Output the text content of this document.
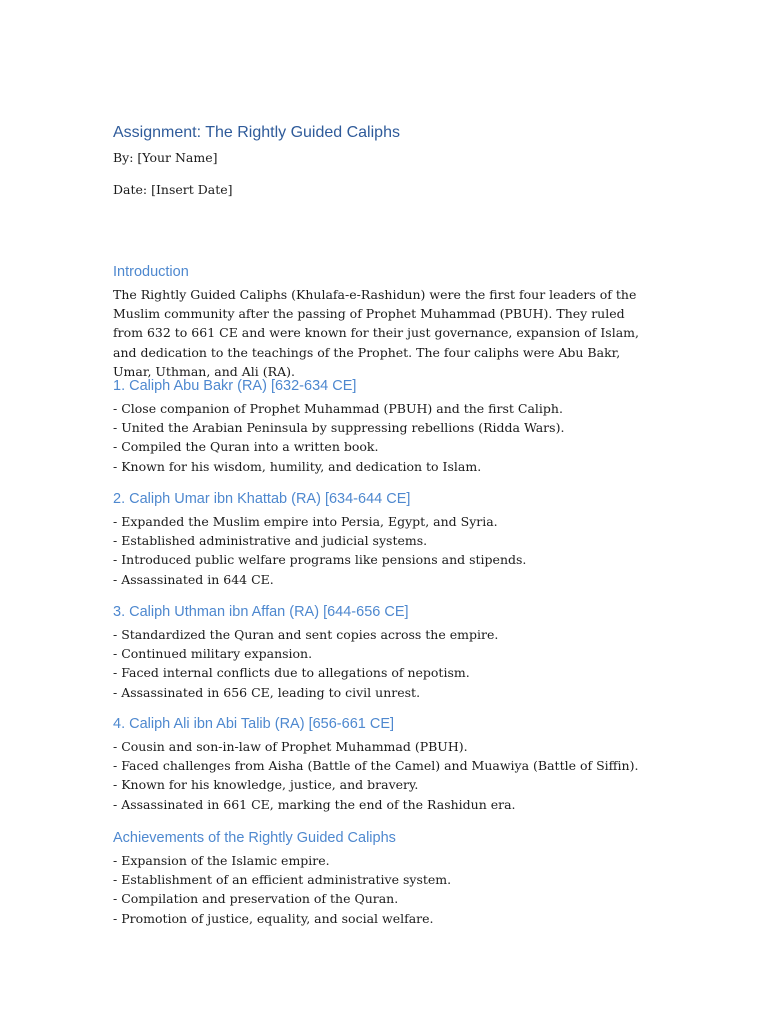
Assignment: The Rightly Guided Caliphs

By: [Your Name]

Date: [Insert Date]

Introduction

The Rightly Guided Caliphs (Khulafa-e-Rashidun) were the first four leaders of the Muslim community after the passing of Prophet Muhammad (PBUH). They ruled from 632 to 661 CE and were known for their just governance, expansion of Islam, and dedication to the teachings of the Prophet. The four caliphs were Abu Bakr, Umar, Uthman, and Ali (RA).

1. Caliph Abu Bakr (RA) [632-634 CE]
- Close companion of Prophet Muhammad (PBUH) and the first Caliph.
- United the Arabian Peninsula by suppressing rebellions (Ridda Wars).
- Compiled the Quran into a written book.
- Known for his wisdom, humility, and dedication to Islam.
2. Caliph Umar ibn Khattab (RA) [634-644 CE]
- Expanded the Muslim empire into Persia, Egypt, and Syria.
- Established administrative and judicial systems.
- Introduced public welfare programs like pensions and stipends.
- Assassinated in 644 CE.
3. Caliph Uthman ibn Affan (RA) [644-656 CE]
- Standardized the Quran and sent copies across the empire.
- Continued military expansion.
- Faced internal conflicts due to allegations of nepotism.
- Assassinated in 656 CE, leading to civil unrest.
4. Caliph Ali ibn Abi Talib (RA) [656-661 CE]
- Cousin and son-in-law of Prophet Muhammad (PBUH).
- Faced challenges from Aisha (Battle of the Camel) and Muawiya (Battle of Siffin).
- Known for his knowledge, justice, and bravery.
- Assassinated in 661 CE, marking the end of the Rashidun era.
Achievements of the Rightly Guided Caliphs
- Expansion of the Islamic empire.
- Establishment of an efficient administrative system.
- Compilation and preservation of the Quran.
- Promotion of justice, equality, and social welfare.
